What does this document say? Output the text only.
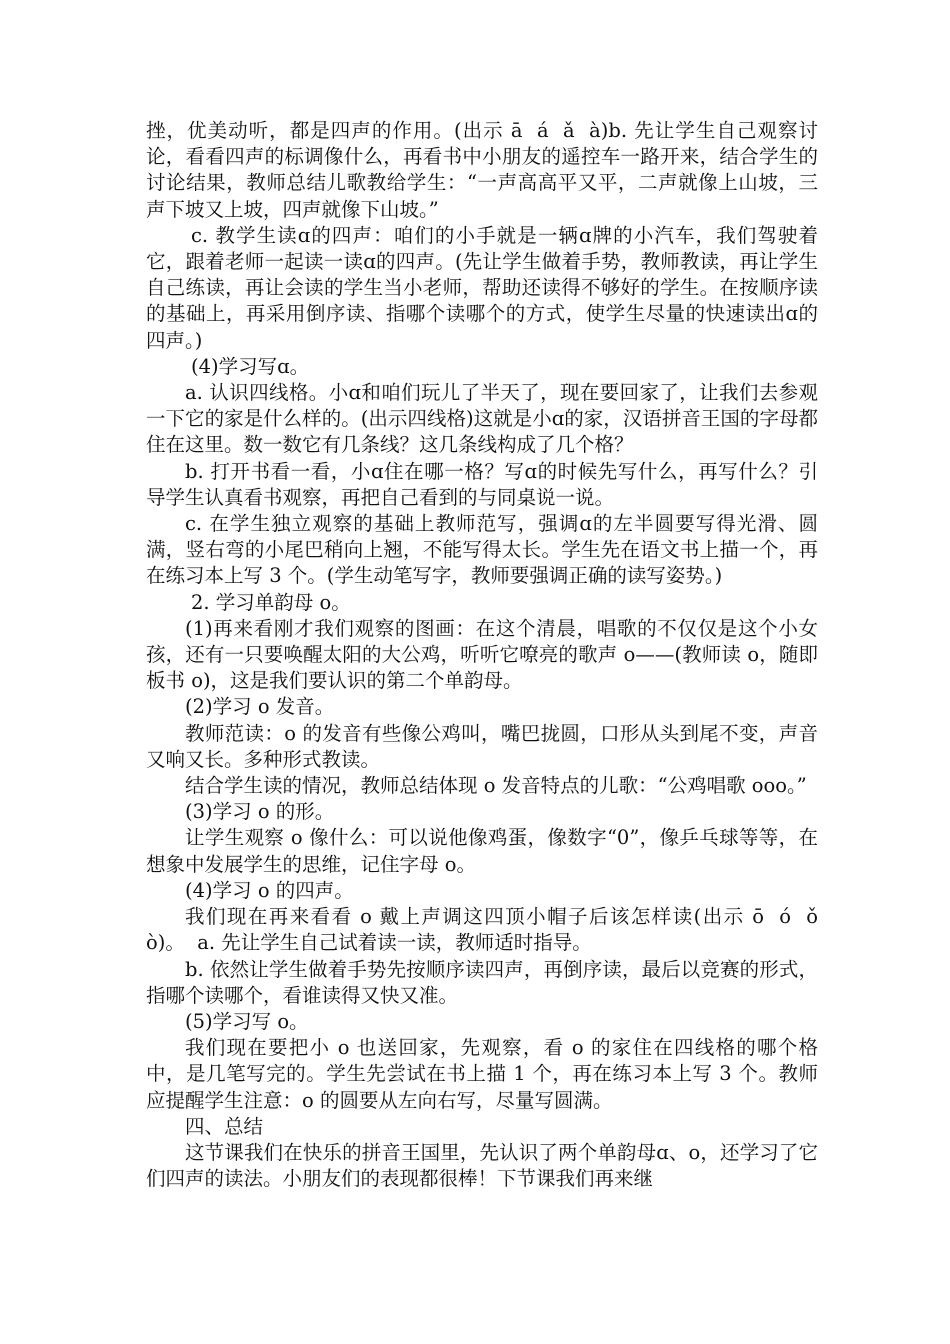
挫，优美动听，都是四声的作用。(出示 ā  á  ǎ  à)b. 先让学生自己观察讨论，看看四声的标调像什么，再看书中小朋友的遥控车一路开来，结合学生的讨论结果，教师总结儿歌教给学生：“一声高高平又平，二声就像上山坡，三声下坡又上坡，四声就像下山坡。”

c. 教学生读ɑ的四声：咱们的小手就是一辆ɑ牌的小汽车，我们驾驶着它，跟着老师一起读一读ɑ的四声。(先让学生做着手势，教师教读，再让学生自己练读，再让会读的学生当小老师，帮助还读得不够好的学生。在按顺序读的基础上，再采用倒序读、指哪个读哪个的方式，使学生尽量的快速读出ɑ的四声。)

(4)学习写ɑ。

a. 认识四线格。小ɑ和咱们玩儿了半天了，现在要回家了，让我们去参观一下它的家是什么样的。(出示四线格)这就是小ɑ的家，汉语拼音王国的字母都住在这里。数一数它有几条线？这几条线构成了几个格？

b. 打开书看一看，小ɑ住在哪一格？写ɑ的时候先写什么，再写什么？引导学生认真看书观察，再把自己看到的与同桌说一说。

c. 在学生独立观察的基础上教师范写，强调ɑ的左半圆要写得光滑、圆满，竖右弯的小尾巴稍向上翘，不能写得太长。学生先在语文书上描一个，再在练习本上写 3 个。(学生动笔写字，教师要强调正确的读写姿势。)

2. 学习单韵母 o。

(1)再来看刚才我们观察的图画：在这个清晨，唱歌的不仅仅是这个小女孩，还有一只要唤醒太阳的大公鸡，听听它嘹亮的歌声 o——(教师读 o，随即板书 o)，这是我们要认识的第二个单韵母。

(2)学习 o 发音。

教师范读：o 的发音有些像公鸡叫，嘴巴拢圆，口形从头到尾不变，声音又响又长。多种形式教读。

结合学生读的情况，教师总结体现 o 发音特点的儿歌：“公鸡唱歌 ooo。”

(3)学习 o 的形。

让学生观察 o 像什么：可以说他像鸡蛋，像数字“0”，像乒乓球等等，在想象中发展学生的思维，记住字母 o。

(4)学习 o 的四声。

我们现在再来看看 o 戴上声调这四顶小帽子后该怎样读(出示 ō  ó  ǒ  ò)。  a. 先让学生自己试着读一读，教师适时指导。

b. 依然让学生做着手势先按顺序读四声，再倒序读，最后以竞赛的形式，指哪个读哪个，看谁读得又快又准。

(5)学习写 o。

我们现在要把小 o 也送回家，先观察，看 o 的家住在四线格的哪个格中，是几笔写完的。学生先尝试在书上描 1 个，再在练习本上写 3 个。教师应提醒学生注意：o 的圆要从左向右写，尽量写圆满。

四、总结

这节课我们在快乐的拼音王国里，先认识了两个单韵母ɑ、o，还学习了它们四声的读法。小朋友们的表现都很棒！下节课我们再来继
